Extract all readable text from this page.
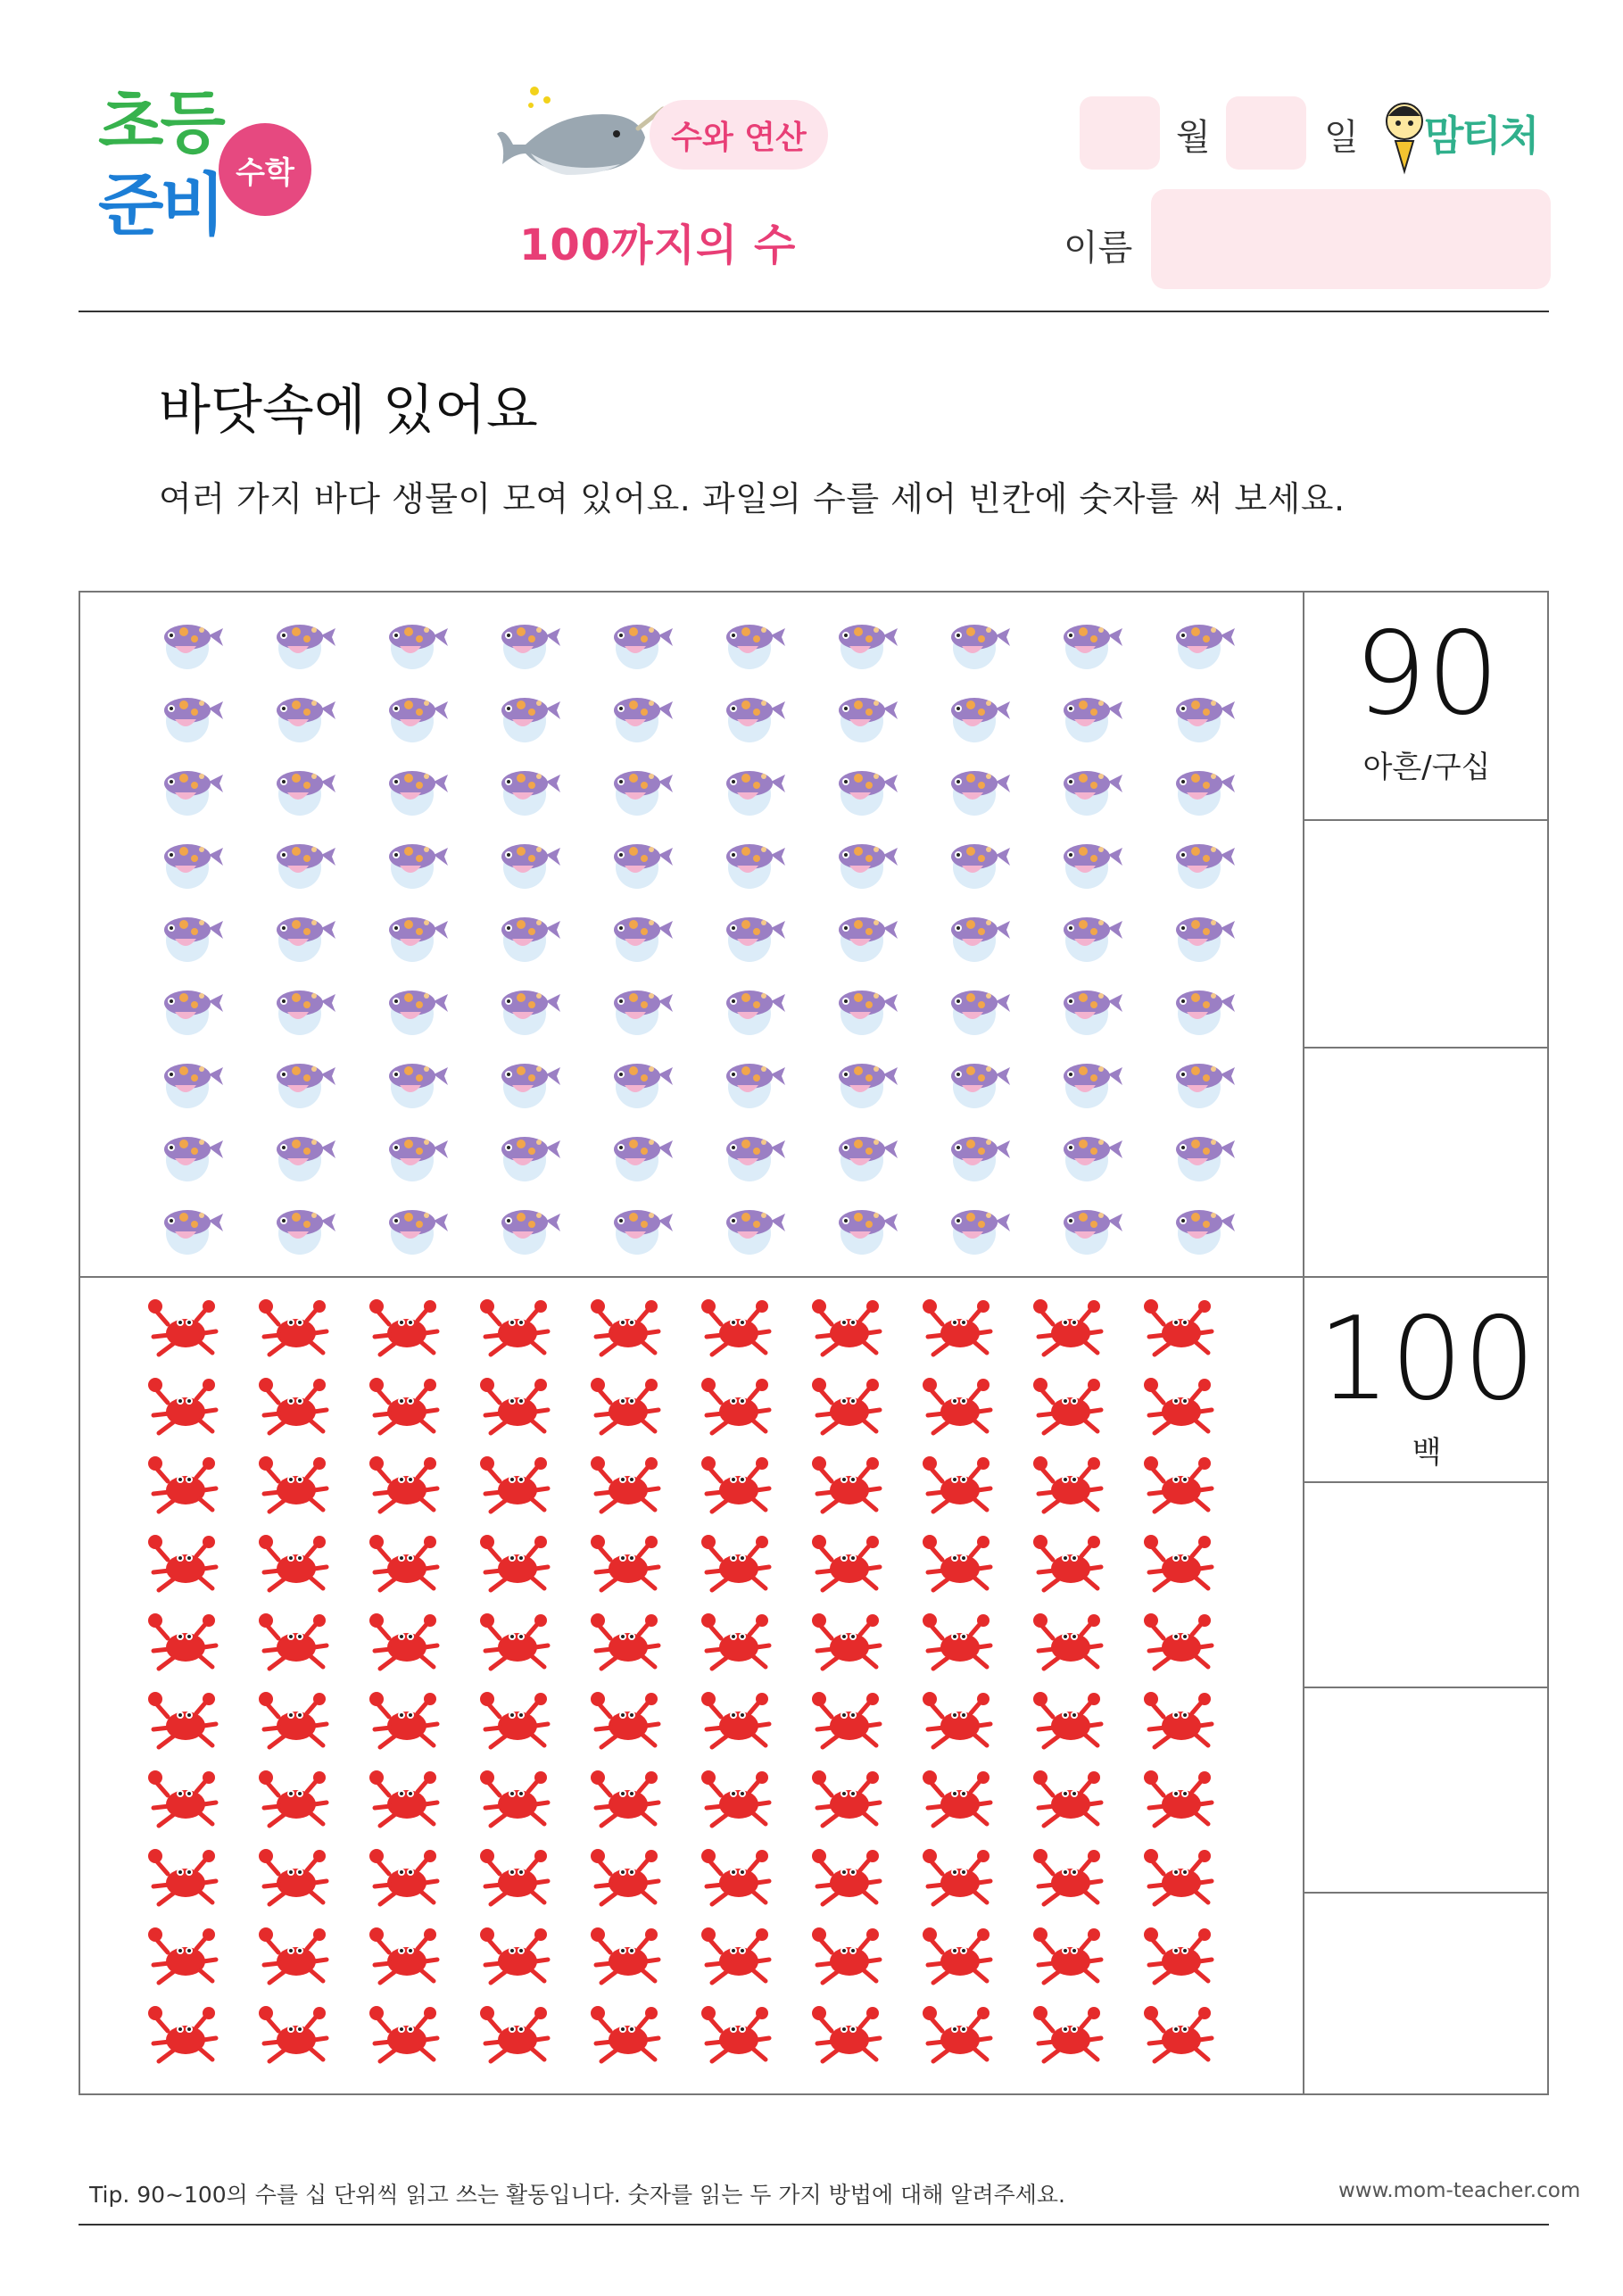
초등
준비 수학
수와 연산
100까지의 수
월	일 맘티처
이름
바닷속에 있어요
여러 가지 바다 생물이 모여 있어요. 과일의 수를 세어 빈칸에 숫자를 써 보세요.
90
아흔/구십
100
백
Tip. 90~100의 수를 십 단위씩 읽고 쓰는 활동입니다. 숫자를 읽는 두 가지 방법에 대해 알려주세요.	www.mom-teacher.com
